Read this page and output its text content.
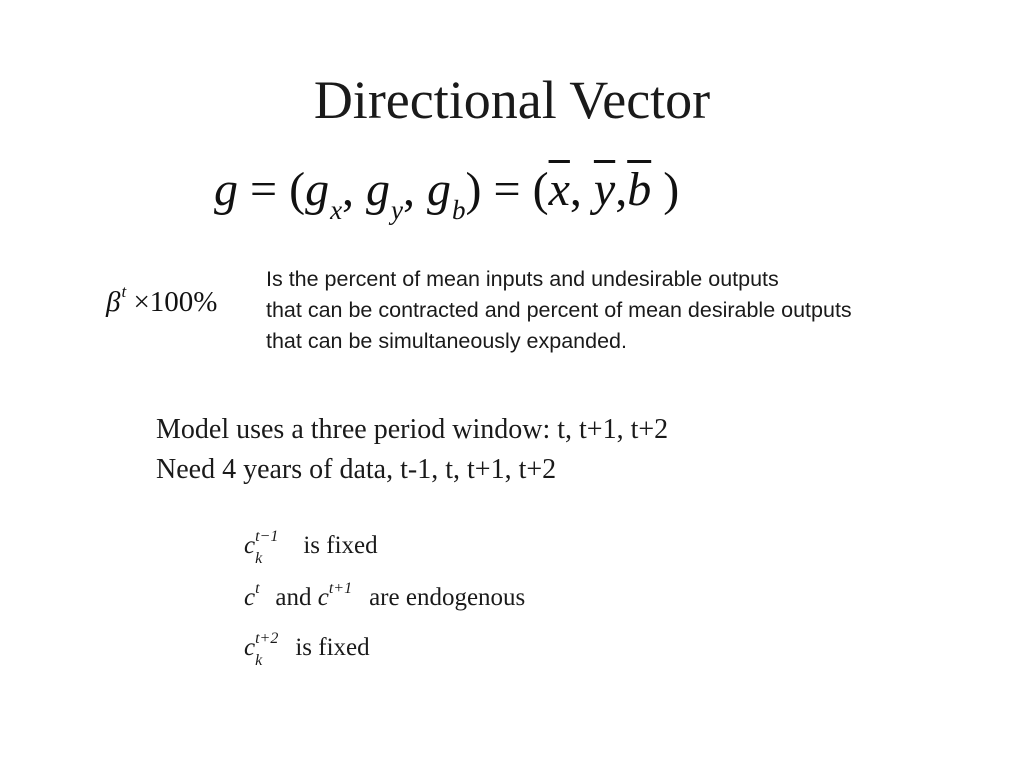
Directional Vector
$g = (g_x$, $g_y$, $g_b) = (\overline{x}$, $\overline{y},\overline{b}$ )
$\beta^t \times 100\%$
Is the percent of mean inputs and undesirable outputs
that can be contracted and percent of mean desirable outputs
that can be simultaneously expanded.
Model uses a three period window: t, t+1, t+2
Need 4 years of data, t-1, t, t+1, t+2
c t−1
k is fixed
c t and c t+1 are endogenous
c t+2
k is fixed
